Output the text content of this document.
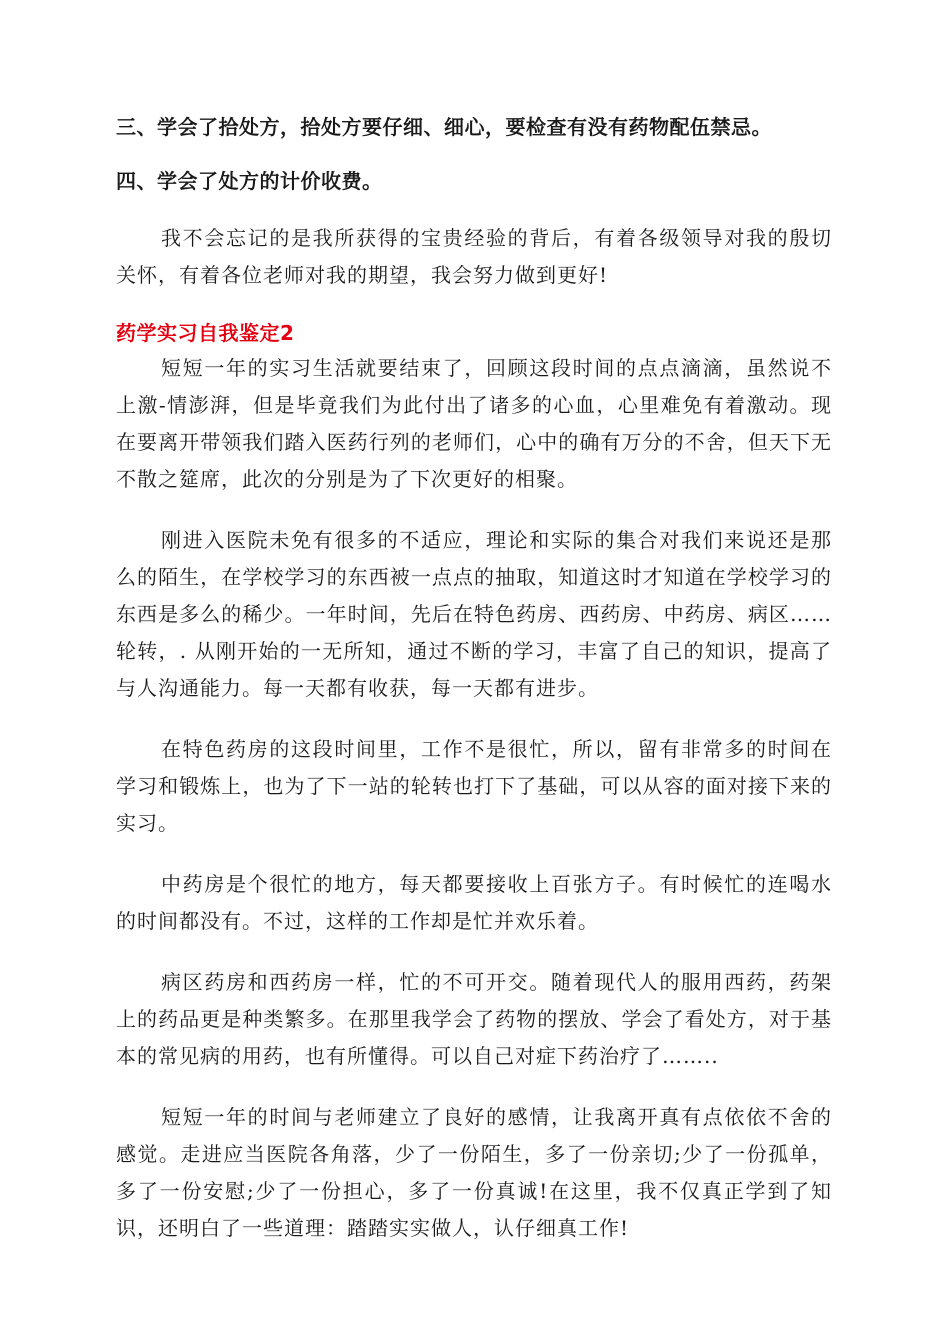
三、学会了拾处方，拾处方要仔细、细心，要检查有没有药物配伍禁忌。
四、学会了处方的计价收费。

我不会忘记的是我所获得的宝贵经验的背后，有着各级领导对我的殷切关怀，有着各位老师对我的期望，我会努力做到更好!

药学实习自我鉴定2

短短一年的实习生活就要结束了，回顾这段时间的点点滴滴，虽然说不上激-情澎湃，但是毕竟我们为此付出了诸多的心血，心里难免有着激动。现在要离开带领我们踏入医药行列的老师们，心中的确有万分的不舍，但天下无不散之筵席，此次的分别是为了下次更好的相聚。

刚进入医院未免有很多的不适应，理论和实际的集合对我们来说还是那么的陌生，在学校学习的东西被一点点的抽取，知道这时才知道在学校学习的东西是多么的稀少。一年时间，先后在特色药房、西药房、中药房、病区……轮转，. 从刚开始的一无所知，通过不断的学习，丰富了自己的知识，提高了与人沟通能力。每一天都有收获，每一天都有进步。

在特色药房的这段时间里，工作不是很忙，所以，留有非常多的时间在学习和锻炼上，也为了下一站的轮转也打下了基础，可以从容的面对接下来的实习。

中药房是个很忙的地方，每天都要接收上百张方子。有时候忙的连喝水的时间都没有。不过，这样的工作却是忙并欢乐着。

病区药房和西药房一样，忙的不可开交。随着现代人的服用西药，药架上的药品更是种类繁多。在那里我学会了药物的摆放、学会了看处方，对于基本的常见病的用药，也有所懂得。可以自己对症下药治疗了……..

短短一年的时间与老师建立了良好的感情，让我离开真有点依依不舍的感觉。走进应当医院各角落，少了一份陌生，多了一份亲切;少了一份孤单，多了一份安慰;少了一份担心，多了一份真诚!在这里，我不仅真正学到了知识，还明白了一些道理：踏踏实实做人，认仔细真工作!
